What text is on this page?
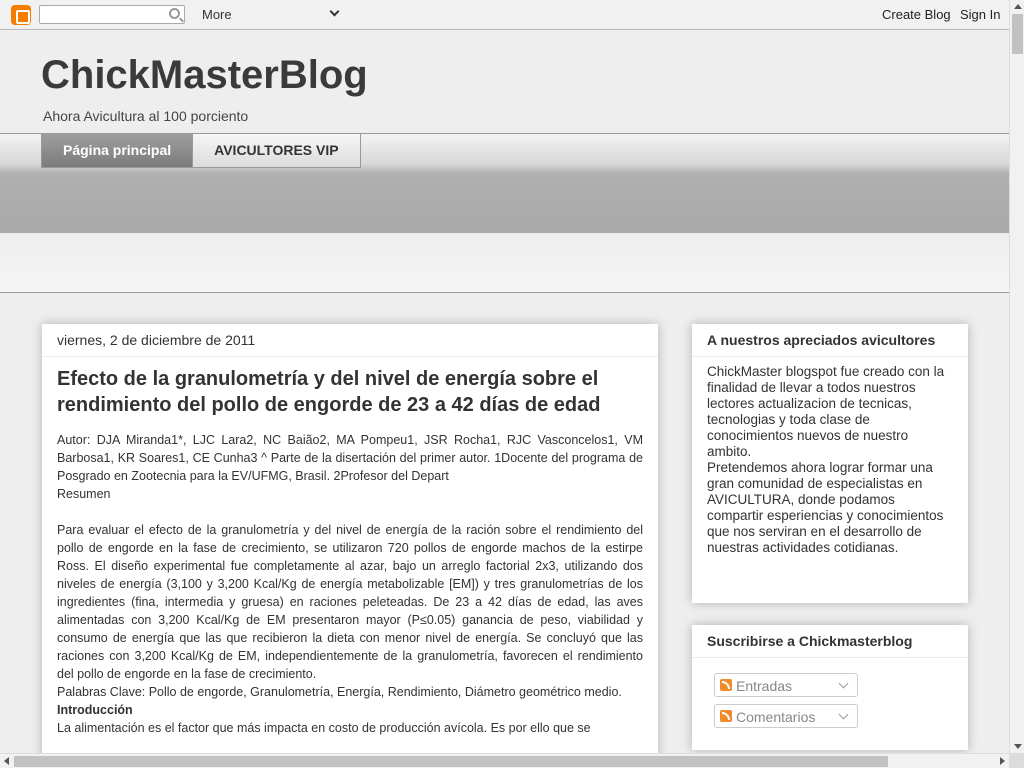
More	Create Blog Sign In
ChickMasterBlog
Ahora Avicultura al 100 porciento
Página principal	AVICULTORES VIP
viernes, 2 de diciembre de 2011
Efecto de la granulometría y del nivel de energía sobre el rendimiento del pollo de engorde de 23 a 42 días de edad

Autor: DJA Miranda1*, LJC Lara2, NC Baião2, MA Pompeu1, JSR Rocha1, RJC Vasconcelos1, VM Barbosa1, KR Soares1, CE Cunha3 ^ Parte de la disertación del primer autor. 1Docente del programa de Posgrado en Zootecnia para la EV/UFMG, Brasil. 2Profesor del Depart

Resumen

Para evaluar el efecto de la granulometría y del nivel de energía de la ración sobre el rendimiento del pollo de engorde en la fase de crecimiento, se utilizaron 720 pollos de engorde machos de la estirpe Ross. El diseño experimental fue completamente al azar, bajo un arreglo factorial 2x3, utilizando dos niveles de energía (3,100 y 3,200 Kcal/Kg de energía metabolizable [EM]) y tres granulometrías de los ingredientes (fina, intermedia y gruesa) en raciones peleteadas. De 23 a 42 días de edad, las aves alimentadas con 3,200 Kcal/Kg de EM presentaron mayor (P≤0.05) ganancia de peso, viabilidad y consumo de energía que las que recibieron la dieta con menor nivel de energía. Se concluyó que las raciones con 3,200 Kcal/Kg de EM, independientemente de la granulometría, favorecen el rendimiento del pollo de engorde en la fase de crecimiento.

Palabras Clave: Pollo de engorde, Granulometría, Energía, Rendimiento, Diámetro geométrico medio.

Introducción

La alimentación es el factor que más impacta en costo de producción avícola. Es por ello que se

A nuestros apreciados avicultores
ChickMaster blogspot fue creado con la finalidad de llevar a todos nuestros lectores actualizacion de tecnicas, tecnologias y toda clase de conocimientos nuevos de nuestro ambito.
Pretendemos ahora lograr formar una gran comunidad de especialistas en AVICULTURA, donde podamos compartir esperiencias y conocimientos que nos serviran en el desarrollo de nuestras actividades cotidianas.
Suscribirse a Chickmasterblog
Entradas
Comentarios
